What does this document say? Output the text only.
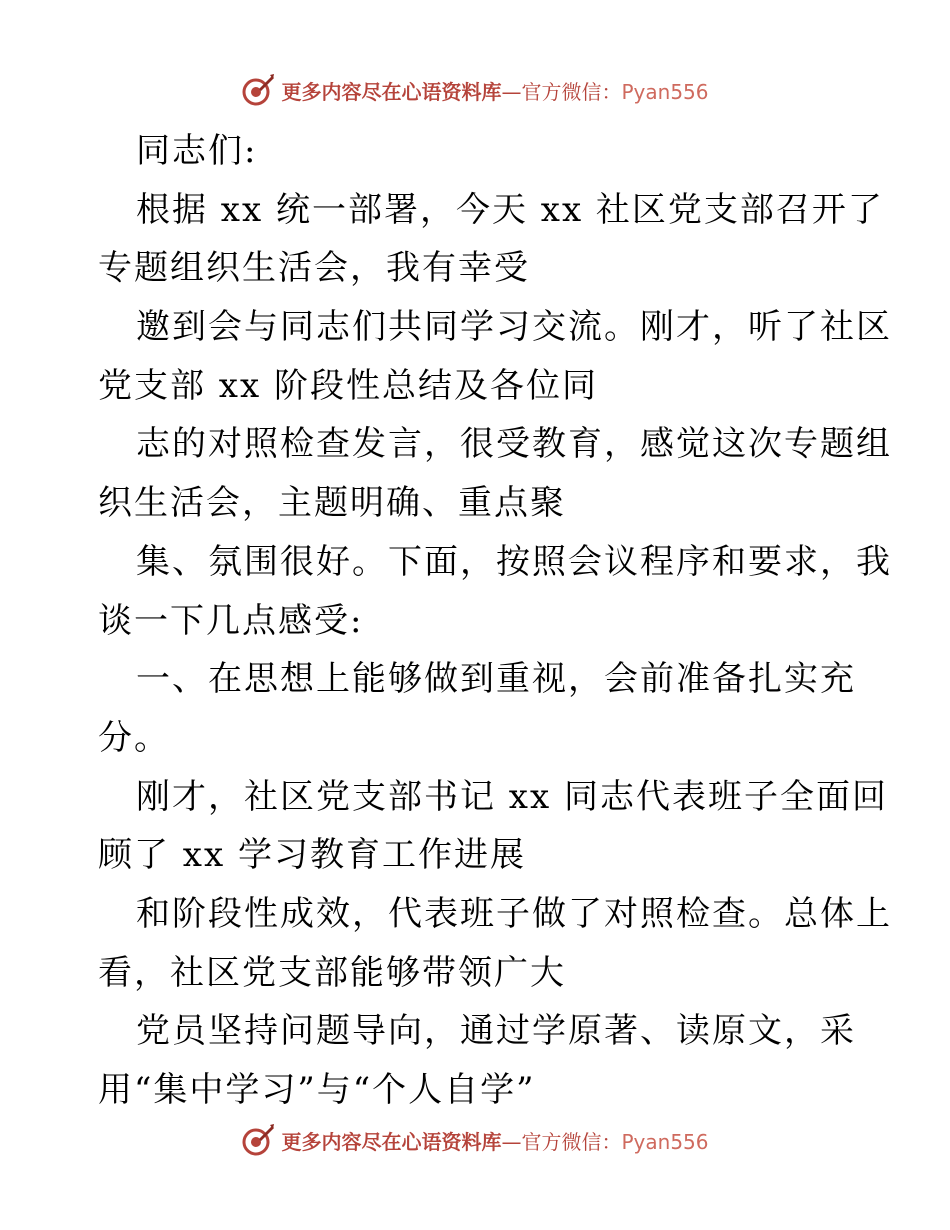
更多内容尽在心语资料库—官方微信：Pyan556
同志们:
根据 xx 统一部署，今天 xx 社区党支部召开了
专题组织生活会，我有幸受
邀到会与同志们共同学习交流。刚才，听了社区
党支部 xx 阶段性总结及各位同
志的对照检查发言，很受教育，感觉这次专题组
织生活会，主题明确、重点聚
集、氛围很好。下面，按照会议程序和要求，我
谈一下几点感受:
一、在思想上能够做到重视，会前准备扎实充
分。
刚才，社区党支部书记 xx 同志代表班子全面回
顾了 xx 学习教育工作进展
和阶段性成效，代表班子做了对照检查。总体上
看，社区党支部能够带领广大
党员坚持问题导向，通过学原著、读原文，采
用“集中学习”与“个人自学”
更多内容尽在心语资料库—官方微信：Pyan556
